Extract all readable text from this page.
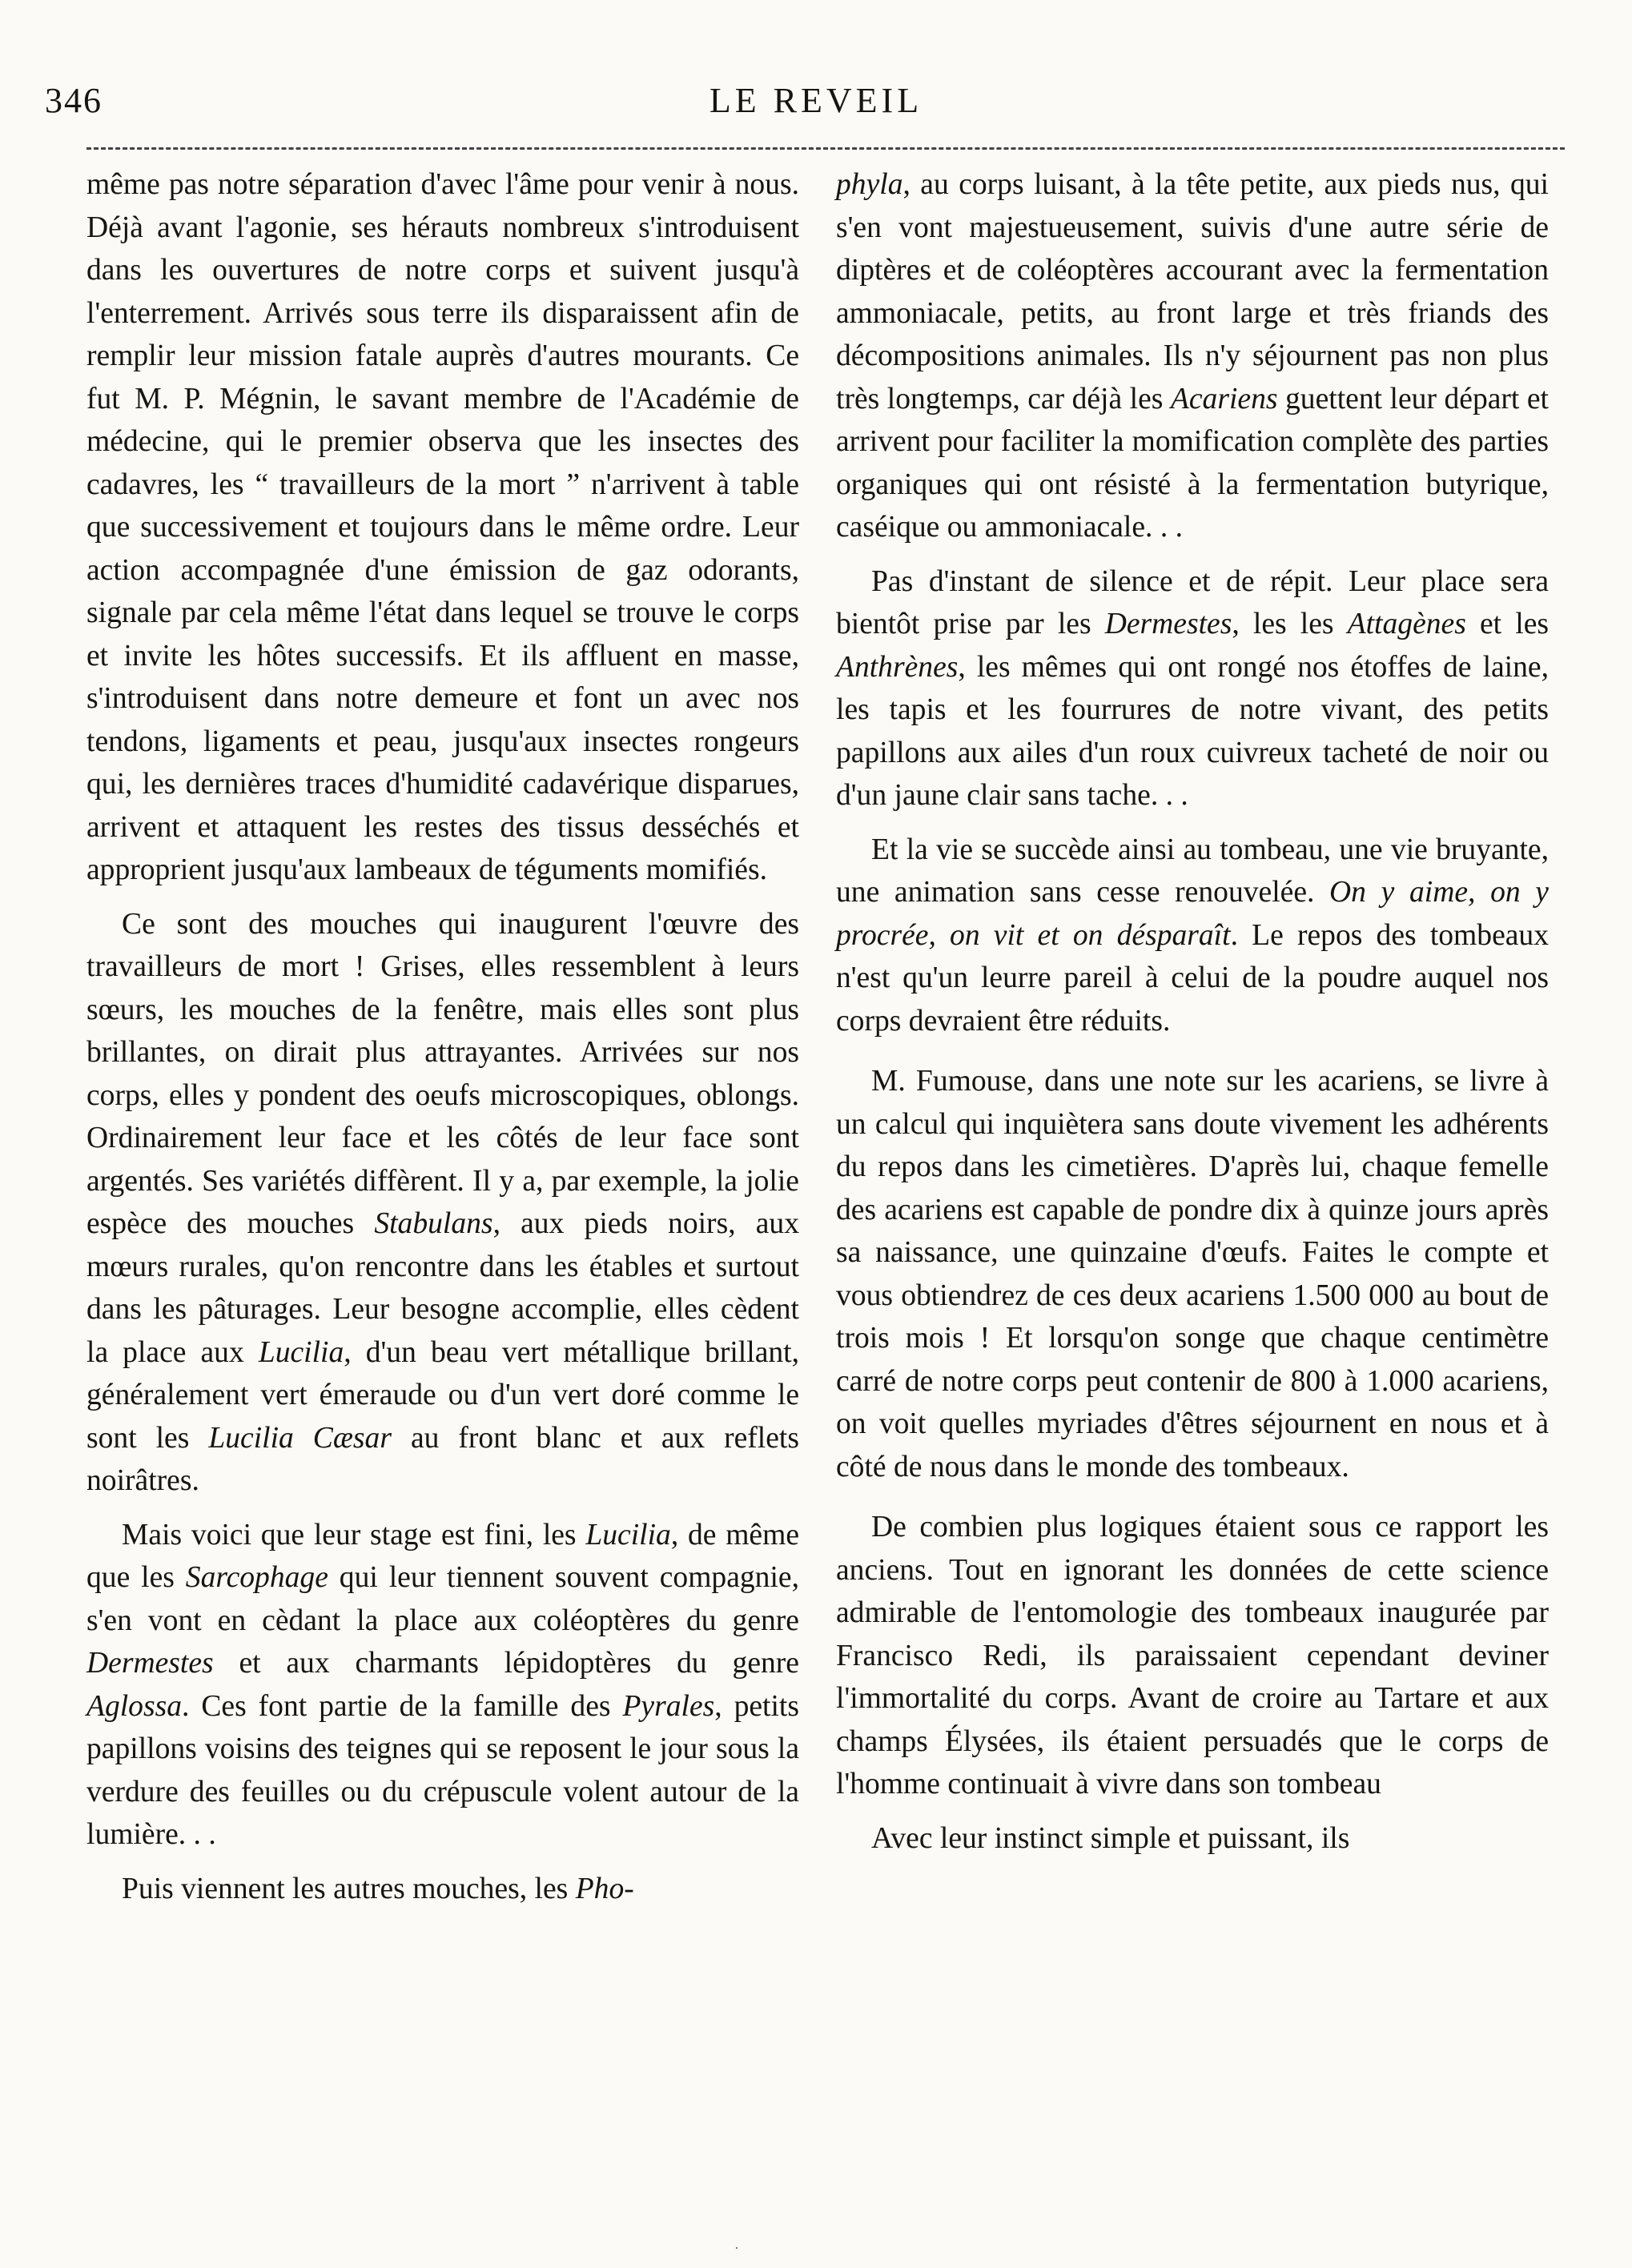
346	LE REVEIL

même pas notre séparation d'avec l'âme pour venir à nous. Déjà avant l'agonie, ses hérauts nombreux s'introduisent dans les ouvertures de notre corps et suivent jusqu'à l'enterrement. Arrivés sous terre ils disparaissent afin de remplir leur mission fatale auprès d'autres mourants. Ce fut M. P. Mégnin, le savant membre de l'Académie de médecine, qui le premier observa que les insectes des cadavres, les “ travailleurs de la mort ” n'arrivent à table que successivement et toujours dans le même ordre. Leur action accompagnée d'une émission de gaz odorants, signale par cela même l'état dans lequel se trouve le corps et invite les hôtes successifs. Et ils affluent en masse, s'introduisent dans notre demeure et font un avec nos tendons, ligaments et peau, jusqu'aux insectes rongeurs qui, les dernières traces d'humidité cadavérique disparues, arrivent et attaquent les restes des tissus desséchés et approprient jusqu'aux lambeaux de téguments momifiés.

Ce sont des mouches qui inaugurent l'œuvre des travailleurs de mort ! Grises, elles ressemblent à leurs sœurs, les mouches de la fenêtre, mais elles sont plus brillantes, on dirait plus attrayantes. Arrivées sur nos corps, elles y pondent des oeufs microscopiques, oblongs. Ordinairement leur face et les côtés de leur face sont argentés. Ses variétés diffèrent. Il y a, par exemple, la jolie espèce des mouches Stabulans, aux pieds noirs, aux mœurs rurales, qu'on rencontre dans les étables et surtout dans les pâturages. Leur besogne accomplie, elles cèdent la place aux Lucilia, d'un beau vert métallique brillant, généralement vert émeraude ou d'un vert doré comme le sont les Lucilia Cæsar au front blanc et aux reflets noirâtres.

Mais voici que leur stage est fini, les Lucilia, de même que les Sarcophage qui leur tiennent souvent compagnie, s'en vont en cèdant la place aux coléoptères du genre Dermestes et aux charmants lépidoptères du genre Aglossa. Ces font partie de la famille des Pyrales, petits papillons voisins des teignes qui se reposent le jour sous la verdure des feuilles ou du crépuscule volent autour de la lumière. . .

Puis viennent les autres mouches, les Pho-

phyla, au corps luisant, à la tête petite, aux pieds nus, qui s'en vont majestueusement, suivis d'une autre série de diptères et de coléoptères accourant avec la fermentation ammoniacale, petits, au front large et très friands des décompositions animales. Ils n'y séjournent pas non plus très longtemps, car déjà les Acariens guettent leur départ et arrivent pour faciliter la momification complète des parties organiques qui ont résisté à la fermentation butyrique, caséique ou ammoniacale. . .

Pas d'instant de silence et de répit. Leur place sera bientôt prise par les Dermestes, les les Attagènes et les Anthrènes, les mêmes qui ont rongé nos étoffes de laine, les tapis et les fourrures de notre vivant, des petits papillons aux ailes d'un roux cuivreux tacheté de noir ou d'un jaune clair sans tache. . .

Et la vie se succède ainsi au tombeau, une vie bruyante, une animation sans cesse renouvelée. On y aime, on y procrée, on vit et on désparaît. Le repos des tombeaux n'est qu'un leurre pareil à celui de la poudre auquel nos corps devraient être réduits.

M. Fumouse, dans une note sur les acariens, se livre à un calcul qui inquiètera sans doute vivement les adhérents du repos dans les cimetières. D'après lui, chaque femelle des acariens est capable de pondre dix à quinze jours après sa naissance, une quinzaine d'œufs. Faites le compte et vous obtiendrez de ces deux acariens 1.500 000 au bout de trois mois ! Et lorsqu'on songe que chaque centimètre carré de notre corps peut contenir de 800 à 1.000 acariens, on voit quelles myriades d'êtres séjournent en nous et à côté de nous dans le monde des tombeaux.

De combien plus logiques étaient sous ce rapport les anciens. Tout en ignorant les données de cette science admirable de l'entomologie des tombeaux inaugurée par Francisco Redi, ils paraissaient cependant deviner l'immortalité du corps. Avant de croire au Tartare et aux champs Élysées, ils étaient persuadés que le corps de l'homme continuait à vivre dans son tombeau

Avec leur instinct simple et puissant, ils

·
